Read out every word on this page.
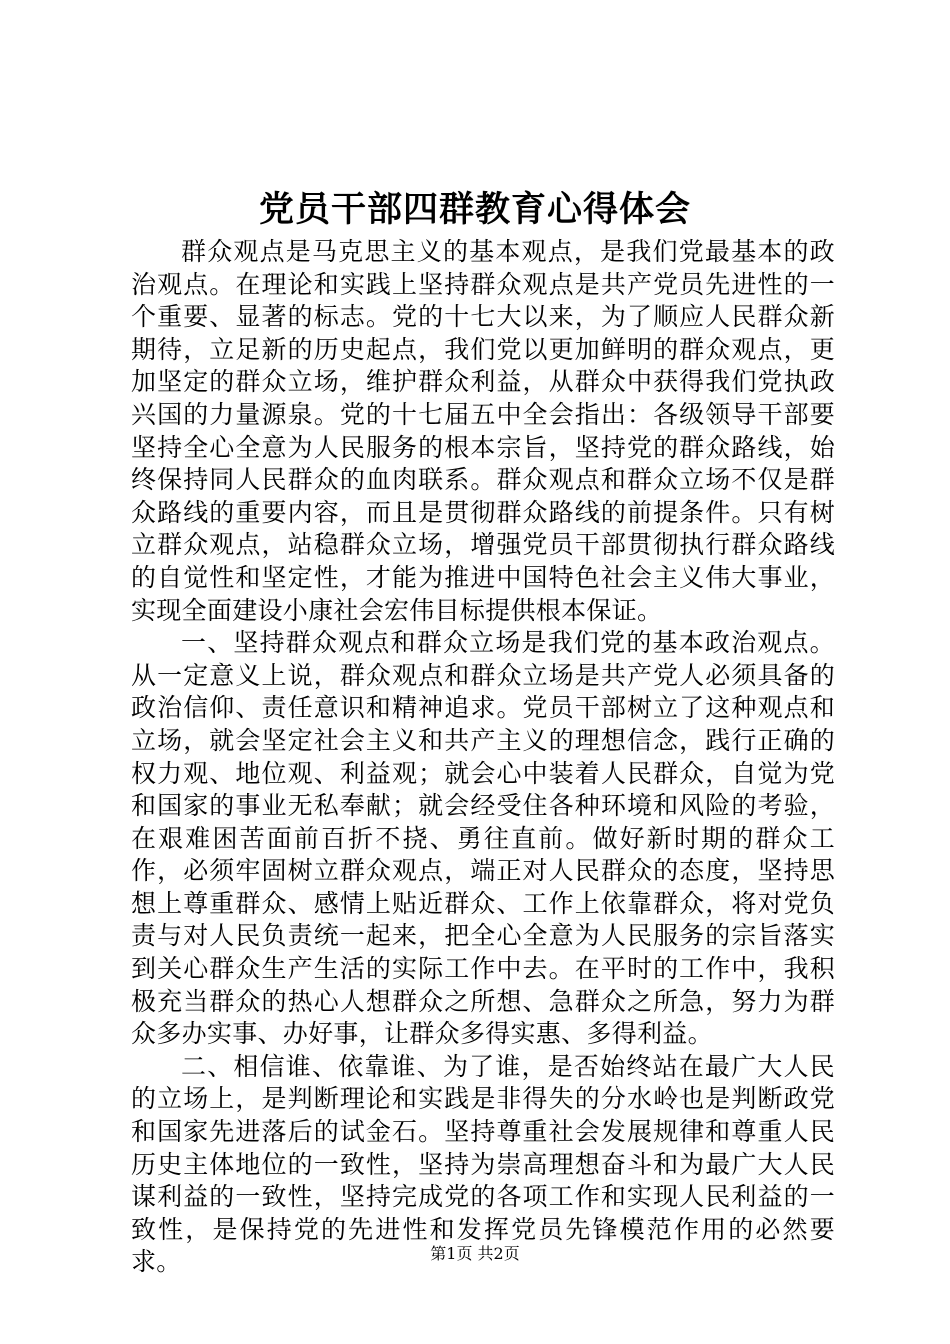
党员干部四群教育心得体会

群众观点是马克思主义的基本观点，是我们党最基本的政治观点。在理论和实践上坚持群众观点是共产党员先进性的一个重要、显著的标志。党的十七大以来，为了顺应人民群众新期待，立足新的历史起点，我们党以更加鲜明的群众观点，更加坚定的群众立场，维护群众利益，从群众中获得我们党执政兴国的力量源泉。党的十七届五中全会指出：各级领导干部要坚持全心全意为人民服务的根本宗旨，坚持党的群众路线，始终保持同人民群众的血肉联系。群众观点和群众立场不仅是群众路线的重要内容，而且是贯彻群众路线的前提条件。只有树立群众观点，站稳群众立场，增强党员干部贯彻执行群众路线的自觉性和坚定性，才能为推进中国特色社会主义伟大事业，实现全面建设小康社会宏伟目标提供根本保证。

一、坚持群众观点和群众立场是我们党的基本政治观点。从一定意义上说，群众观点和群众立场是共产党人必须具备的政治信仰、责任意识和精神追求。党员干部树立了这种观点和立场，就会坚定社会主义和共产主义的理想信念，践行正确的权力观、地位观、利益观；就会心中装着人民群众，自觉为党和国家的事业无私奉献；就会经受住各种环境和风险的考验，在艰难困苦面前百折不挠、勇往直前。做好新时期的群众工作，必须牢固树立群众观点，端正对人民群众的态度，坚持思想上尊重群众、感情上贴近群众、工作上依靠群众，将对党负责与对人民负责统一起来，把全心全意为人民服务的宗旨落实到关心群众生产生活的实际工作中去。在平时的工作中，我积极充当群众的热心人想群众之所想、急群众之所急，努力为群众多办实事、办好事，让群众多得实惠、多得利益。

二、相信谁、依靠谁、为了谁，是否始终站在最广大人民的立场上，是判断理论和实践是非得失的分水岭也是判断政党和国家先进落后的试金石。坚持尊重社会发展规律和尊重人民历史主体地位的一致性，坚持为崇高理想奋斗和为最广大人民谋利益的一致性，坚持完成党的各项工作和实现人民利益的一致性，是保持党的先进性和发挥党员先锋模范作用的必然要求。	第1页 共2页
